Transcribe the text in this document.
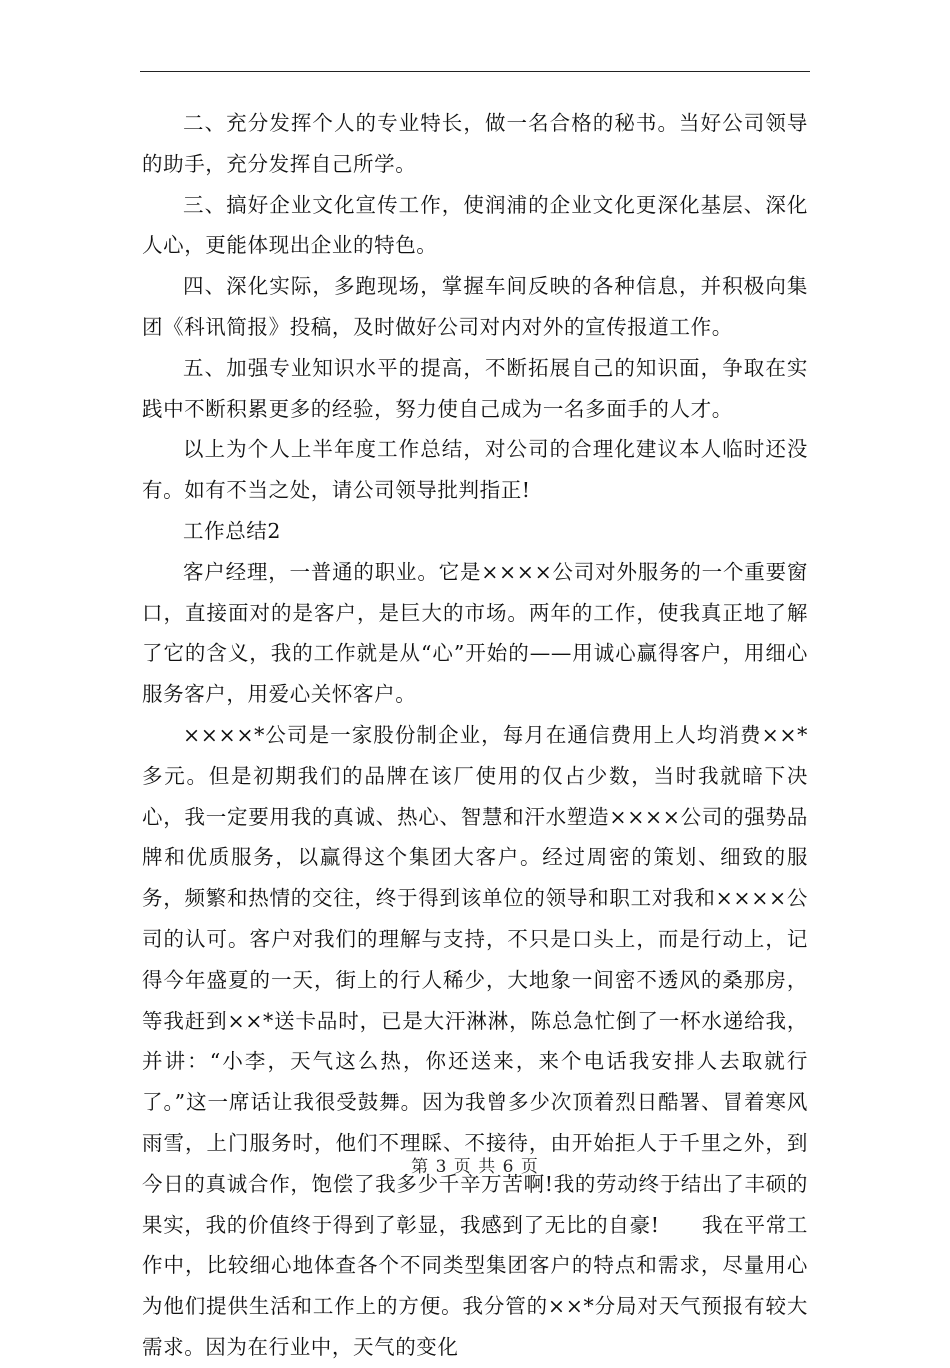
二、充分发挥个人的专业特长，做一名合格的秘书。当好公司领导的助手，充分发挥自己所学。

三、搞好企业文化宣传工作，使润浦的企业文化更深化基层、深化人心，更能体现出企业的特色。

四、深化实际，多跑现场，掌握车间反映的各种信息，并积极向集团《科讯简报》投稿，及时做好公司对内对外的宣传报道工作。

五、加强专业知识水平的提高，不断拓展自己的知识面，争取在实践中不断积累更多的经验，努力使自己成为一名多面手的人才。

以上为个人上半年度工作总结，对公司的合理化建议本人临时还没有。如有不当之处，请公司领导批判指正!

工作总结2

客户经理，一普通的职业。它是××××公司对外服务的一个重要窗口，直接面对的是客户，是巨大的市场。两年的工作，使我真正地了解了它的含义，我的工作就是从“心”开始的——用诚心赢得客户，用细心服务客户，用爱心关怀客户。

××××*公司是一家股份制企业，每月在通信费用上人均消费××*多元。但是初期我们的品牌在该厂使用的仅占少数，当时我就暗下决心，我一定要用我的真诚、热心、智慧和汗水塑造××××公司的强势品牌和优质服务，以赢得这个集团大客户。经过周密的策划、细致的服务，频繁和热情的交往，终于得到该单位的领导和职工对我和××××公司的认可。客户对我们的理解与支持，不只是口头上，而是行动上，记得今年盛夏的一天，街上的行人稀少，大地象一间密不透风的桑那房，等我赶到××*送卡品时，已是大汗淋淋，陈总急忙倒了一杯水递给我，并讲：“小李，天气这么热，你还送来，来个电话我安排人去取就行了。”这一席话让我很受鼓舞。因为我曾多少次顶着烈日酷署、冒着寒风雨雪，上门服务时，他们不理睬、不接待，由开始拒人于千里之外，到今日的真诚合作，饱偿了我多少千辛万苦啊!我的劳动终于结出了丰硕的果实，我的价值终于得到了彰显，我感到了无比的自豪!　　我在平常工作中，比较细心地体查各个不同类型集团客户的特点和需求，尽量用心为他们提供生活和工作上的方便。我分管的××*分局对天气预报有较大需求。因为在行业中，天气的变化

第 3 页 共 6 页
